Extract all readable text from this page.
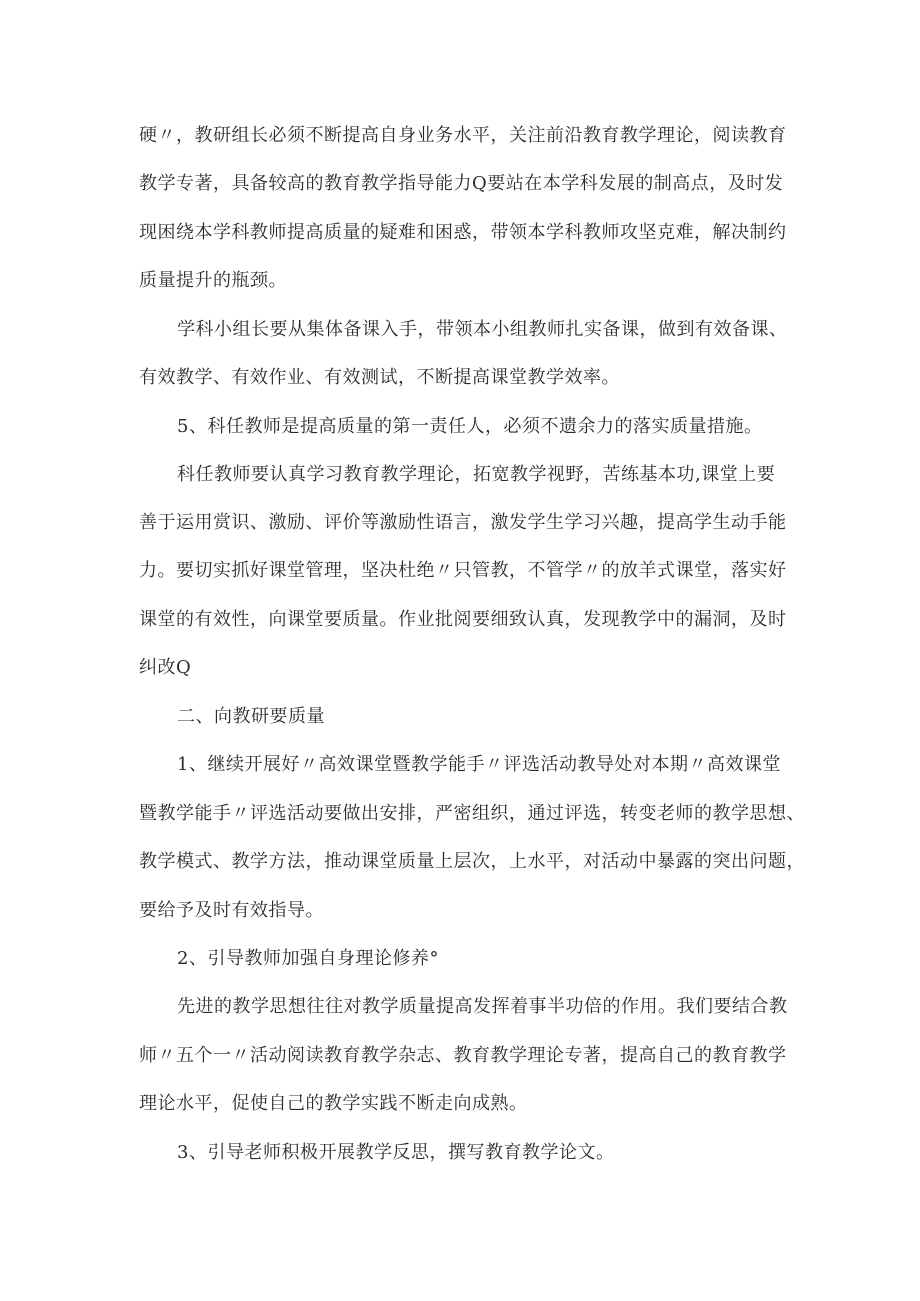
硬〃，教研组长必须不断提高自身业务水平，关注前沿教育教学理论，阅读教育

教学专著，具备较高的教育教学指导能力Q要站在本学科发展的制高点，及时发

现困绕本学科教师提高质量的疑难和困惑，带领本学科教师攻坚克难，解决制约

质量提升的瓶颈。

学科小组长要从集体备课入手，带领本小组教师扎实备课，做到有效备课、

有效教学、有效作业、有效测试，不断提高课堂教学效率。

5、科任教师是提高质量的第一责任人，必须不遗余力的落实质量措施。

科任教师要认真学习教育教学理论，拓宽教学视野，苦练基本功,课堂上要

善于运用赏识、激励、评价等激励性语言，激发学生学习兴趣，提高学生动手能

力。要切实抓好课堂管理，坚决杜绝〃只管教，不管学〃的放羊式课堂，落实好

课堂的有效性，向课堂要质量。作业批阅要细致认真，发现教学中的漏洞，及时

纠改Q

二、向教研要质量

1、继续开展好〃高效课堂暨教学能手〃评选活动教导处对本期〃高效课堂

暨教学能手〃评选活动要做出安排，严密组织，通过评选，转变老师的教学思想、

教学模式、教学方法，推动课堂质量上层次，上水平，对活动中暴露的突出问题，

要给予及时有效指导。

2、引导教师加强自身理论修养°

先进的教学思想往往对教学质量提高发挥着事半功倍的作用。我们要结合教

师〃五个一〃活动阅读教育教学杂志、教育教学理论专著，提高自己的教育教学

理论水平，促使自己的教学实践不断走向成熟。

3、引导老师积极开展教学反思，撰写教育教学论文。
